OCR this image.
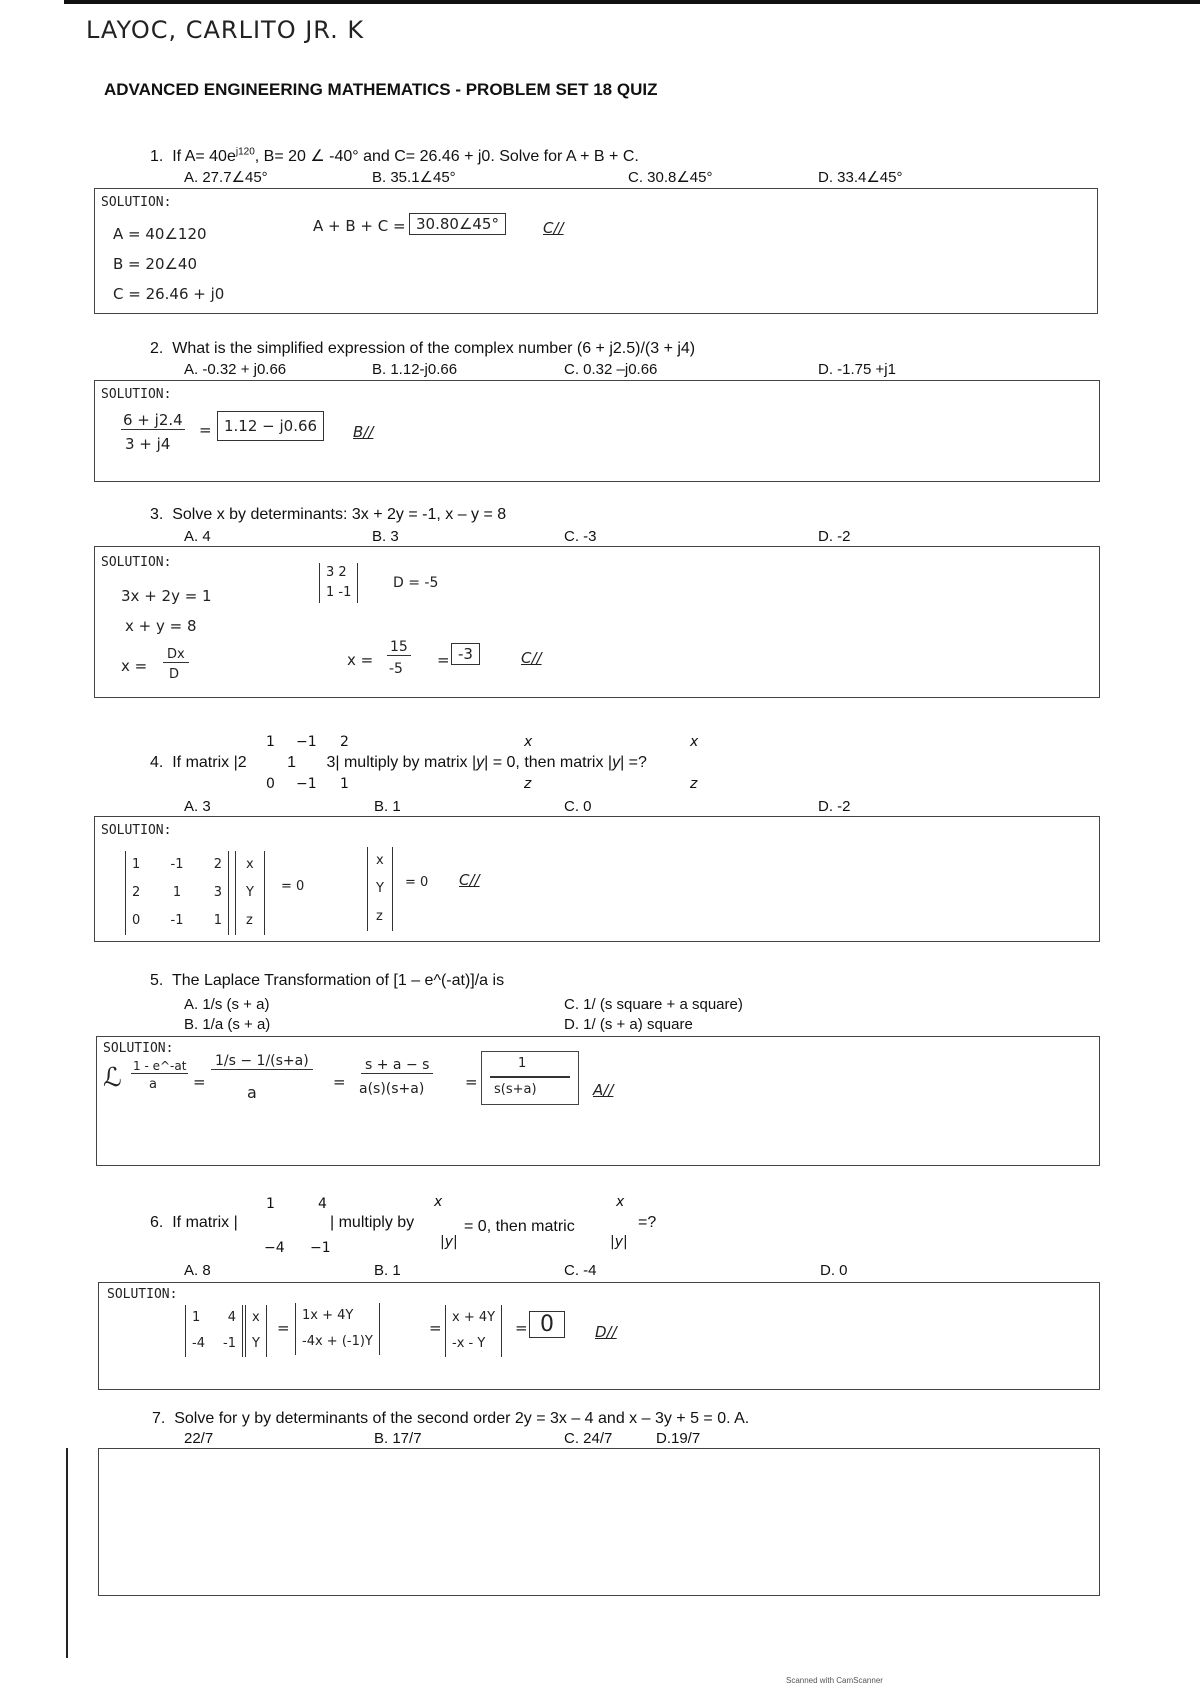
LAYOC, CARLITO JR. K
ADVANCED ENGINEERING MATHEMATICS - PROBLEM SET 18 QUIZ
1. If $A= 40e^{j120}$, B= 20 ∠ -40° and C= 26.46 + j0. Solve for A + B + C.
A. 27.7∠45°	B. 35.1∠45°	C. 30.8∠45°	D. 33.4∠45°
SOLUTION:
A = 40∠120
B = 20∠40
C = 26.46 + j0
A + B + C = 30.80∠45°	C//
2. What is the simplified expression of the complex number (6 + j2.5)/(3 + j4)
A. -0.32 + j0.66	B. 1.12-j0.66	C. 0.32 –j0.66	D. -1.75 +j1
SOLUTION:
6 + j2.4
3 + j4
= 1.12 − j0.66	B//
3. Solve x by determinants: 3x + 2y = -1, x – y = 8
A. 4	B. 3	C. -3	D. -2
SOLUTION:
3x + 2y = 1
x + y = 8
x =
Dx
D
3 2
1 -1
D = -5
x =
15
-5 = -3	C//
1 −1 2
4. If matrix |2	1 3| multiply by matrix |y| = 0, then matrix |y| =?
0 −1 1
x
z
x
z
A. 3	B. 1	C. 0	D. -2
SOLUTION:
1 -1 2
2	1	3
0 -1 1
x
Y
z
= 0
x
Y
z
= 0 C//
5. The Laplace Transformation of [1 – e^(-at)]/a is
A. 1/s (s + a)	C. 1/ (s square + a square)
B. 1/a (s + a)	D. 1/ (s + a) square
SOLUTION:
ℒ 1 - e^-at
a =
1/s − 1/(s+a)
a
=
s + a − s
a(s)(s+a)	=
1
s(s+a)	A//
1	4	x	x
6. If matrix |	| multiply by	= 0, then matric	=?
−4 −1	|y|	|y|
A. 8	B. 1	C. -4	D. 0
SOLUTION:
1 4
-4 -1
x
Y
=
1x + 4Y
-4x + (-1)Y
=
x + 4Y
-x - Y
= 0	D//
7. Solve for y by determinants of the second order 2y = 3x – 4 and x – 3y + 5 = 0. A.
22/7	B. 17/7	C. 24/7	D.19/7
Scanned with CamScanner
